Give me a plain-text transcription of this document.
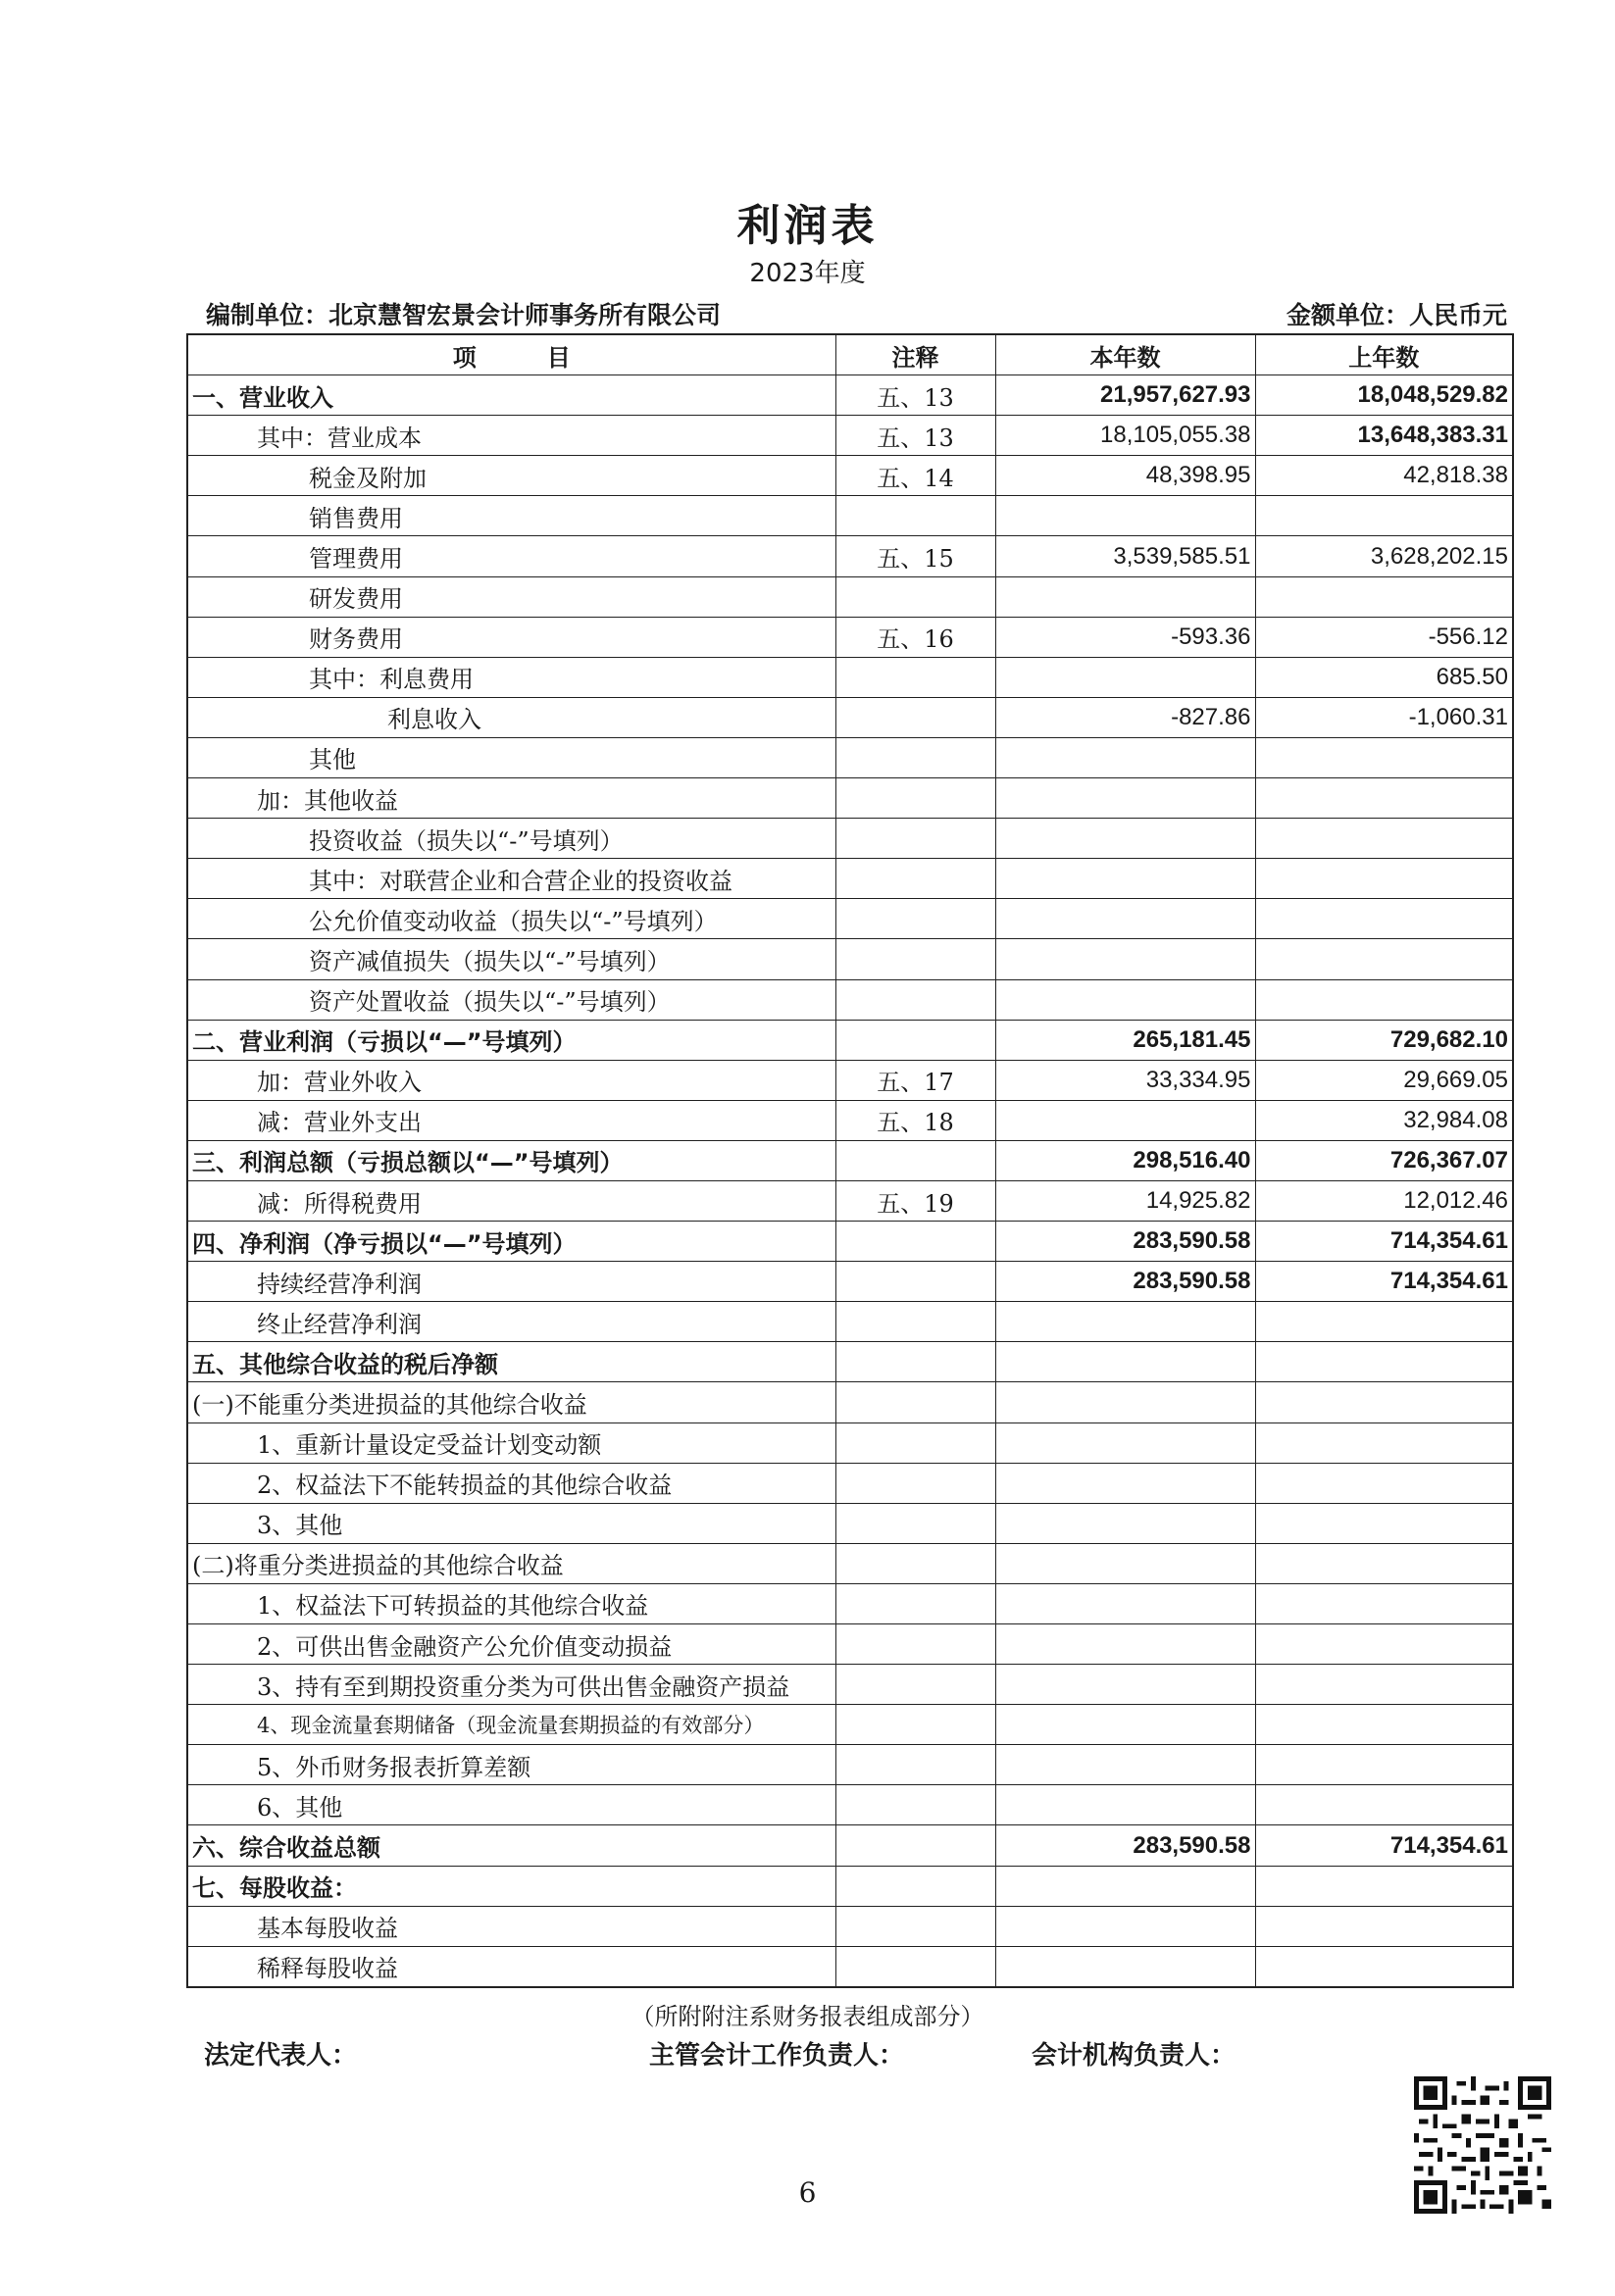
利润表
2023年度
编制单位：北京慧智宏景会计师事务所有限公司	金额单位：人民币元
项　　　目	注释	本年数	上年数
一、营业收入	五、13	21,957,627.93	18,048,529.82
其中：营业成本	五、13	18,105,055.38	13,648,383.31
税金及附加	五、14	48,398.95	42,818.38
销售费用			
管理费用	五、15	3,539,585.51	3,628,202.15
研发费用			
财务费用	五、16	-593.36	-556.12
其中：利息费用			685.50
利息收入		-827.86	-1,060.31
其他			
加：其他收益			
投资收益（损失以“-”号填列）			
其中：对联营企业和合营企业的投资收益			
公允价值变动收益（损失以“-”号填列）			
资产减值损失（损失以“-”号填列）			
资产处置收益（损失以“-”号填列）			
二、营业利润（亏损以“—”号填列）		265,181.45	729,682.10
加：营业外收入	五、17	33,334.95	29,669.05
减：营业外支出	五、18		32,984.08
三、利润总额（亏损总额以“—”号填列）		298,516.40	726,367.07
减：所得税费用	五、19	14,925.82	12,012.46
四、净利润（净亏损以“—”号填列）		283,590.58	714,354.61
持续经营净利润		283,590.58	714,354.61
终止经营净利润			
五、其他综合收益的税后净额			
(一)不能重分类进损益的其他综合收益			
1、重新计量设定受益计划变动额			
2、权益法下不能转损益的其他综合收益			
3、其他			
(二)将重分类进损益的其他综合收益			
1、权益法下可转损益的其他综合收益			
2、可供出售金融资产公允价值变动损益			
3、持有至到期投资重分类为可供出售金融资产损益			
4、现金流量套期储备（现金流量套期损益的有效部分）			
5、外币财务报表折算差额			
6、其他			
六、综合收益总额		283,590.58	714,354.61
七、每股收益：			
基本每股收益			
稀释每股收益			
（所附附注系财务报表组成部分）
法定代表人：	主管会计工作负责人：	会计机构负责人：
6
